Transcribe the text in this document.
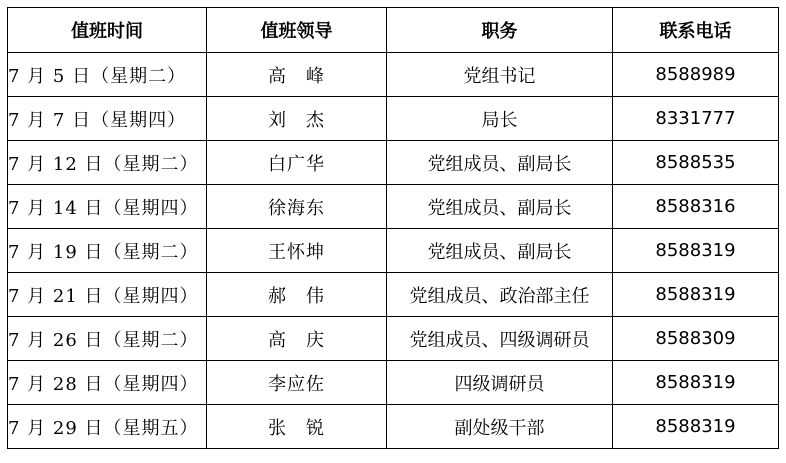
值班时间	值班领导	职务	联系电话
7 月 5 日（星期二）	高　峰	党组书记	8588989
7 月 7 日（星期四）	刘　杰	局长	8331777
7 月 12 日（星期二）	白广华	党组成员、副局长	8588535
7 月 14 日（星期四）	徐海东	党组成员、副局长	8588316
7 月 19 日（星期二）	王怀坤	党组成员、副局长	8588319
7 月 21 日（星期四）	郝　伟	党组成员、政治部主任	8588319
7 月 26 日（星期二）	高　庆	党组成员、四级调研员	8588309
7 月 28 日（星期四）	李应佐	四级调研员	8588319
7 月 29 日（星期五）	张　锐	副处级干部	8588319
